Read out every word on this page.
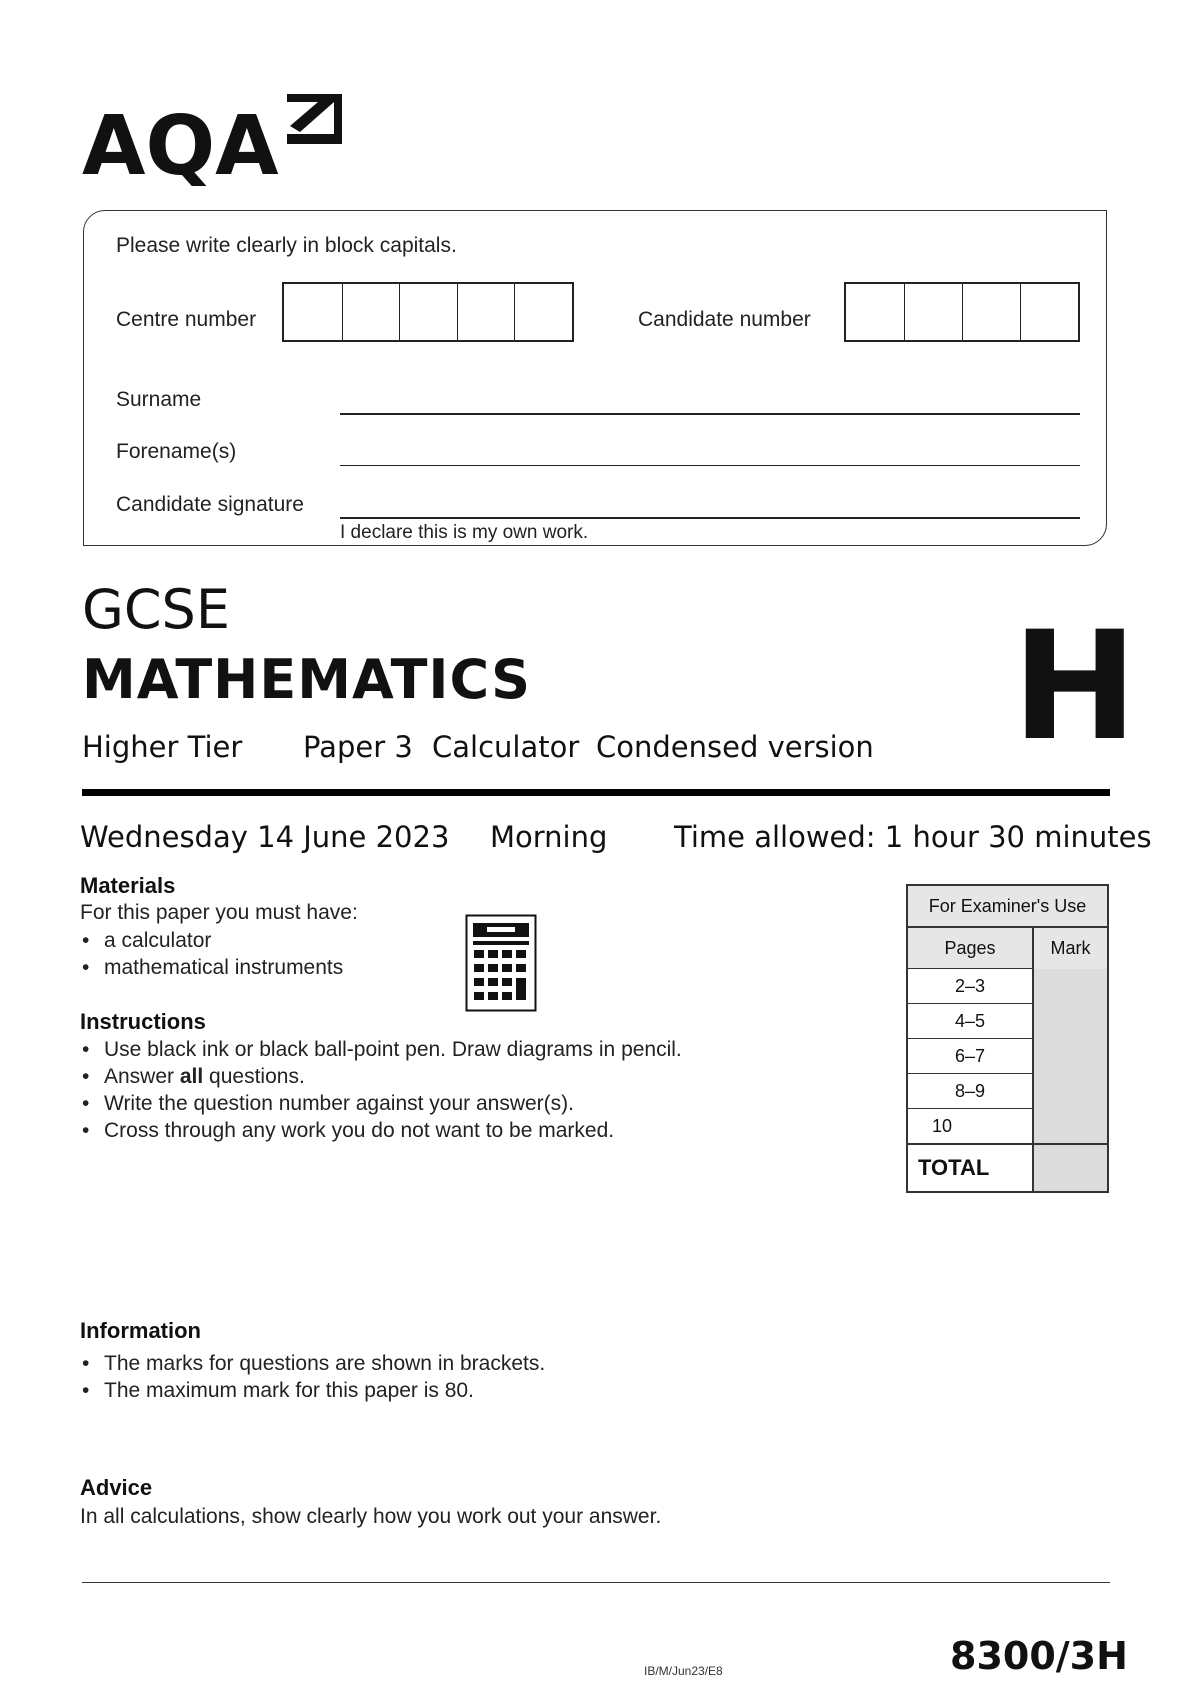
AQA
Please write clearly in block capitals.
Centre number	Candidate number
Surname
Forename(s)
Candidate signature
I declare this is my own work.
GCSE
MATHEMATICS
Higher Tier Paper 3 Calculator Condensed version H
Wednesday 14 June 2023 Morning Time allowed: 1 hour 30 minutes
Materials
For this paper you must have:
• a calculator
• mathematical instruments
Instructions
• Use black ink or black ball-point pen. Draw diagrams in pencil.
• Answer all questions.
• Write the question number against your answer(s).
• Cross through any work you do not want to be marked.
For Examiner's Use	
Pages	Mark
2–3	
4–5	
6–7	
8–9	
10	
TOTAL	
Information
• The marks for questions are shown in brackets.
• The maximum mark for this paper is 80.
Advice
In all calculations, show clearly how you work out your answer.
IB/M/Jun23/E8	8300/3H
